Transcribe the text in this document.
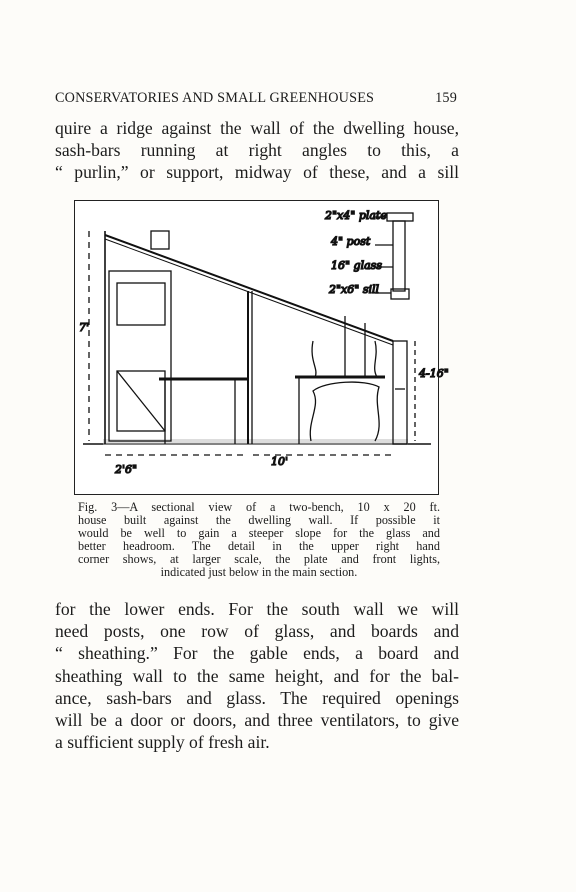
CONSERVATORIES AND SMALL GREENHOUSES	159
quire a ridge against the wall of the dwelling house,
sash-bars running at right angles to this, a
“ purlin,” or support, midway of these, and a sill
2"x4" plate
4" post
16" glass
2"x6" sill
7'
4-16"
2'6"
10'
Fig. 3—A sectional view of a two-bench, 10 x 20 ft.
house built against the dwelling wall. If possible it
would be well to gain a steeper slope for the glass and
better headroom. The detail in the upper right hand
corner shows, at larger scale, the plate and front lights,
indicated just below in the main section.
for the lower ends. For the south wall we will
need posts, one row of glass, and boards and
“ sheathing.” For the gable ends, a board and
sheathing wall to the same height, and for the bal-
ance, sash-bars and glass. The required openings
will be a door or doors, and three ventilators, to give
a sufficient supply of fresh air.
